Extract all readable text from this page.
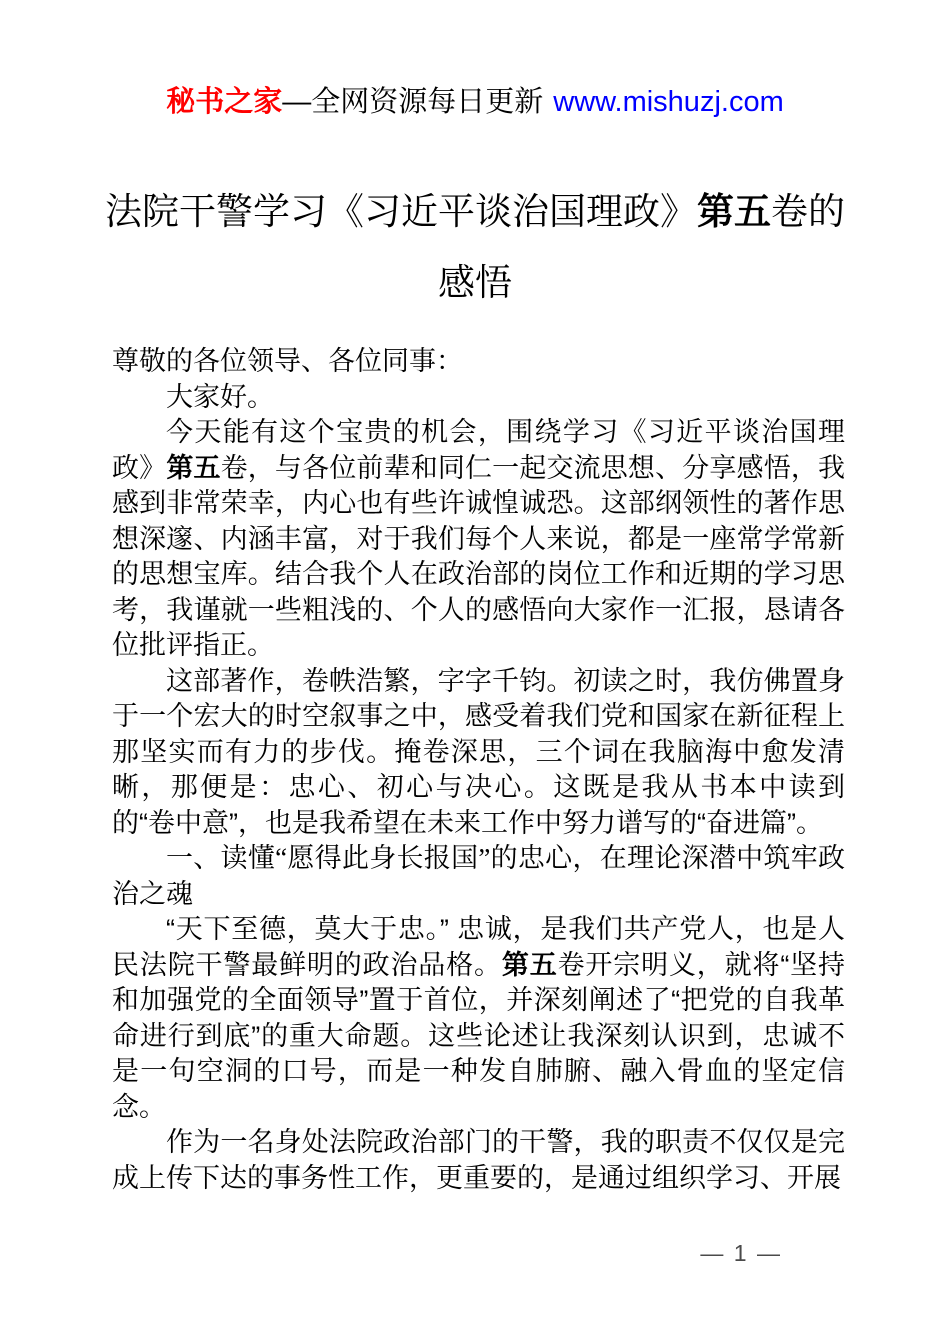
秘书之家—全网资源每日更新 www.mishuzj.com
法院干警学习《习近平谈治国理政》第五卷的感悟

尊敬的各位领导、各位同事：

大家好。

今天能有这个宝贵的机会，围绕学习《习近平谈治国理政》第五卷，与各位前辈和同仁一起交流思想、分享感悟，我感到非常荣幸，内心也有些许诚惶诚恐。这部纲领性的著作思想深邃、内涵丰富，对于我们每个人来说，都是一座常学常新的思想宝库。结合我个人在政治部的岗位工作和近期的学习思考，我谨就一些粗浅的、个人的感悟向大家作一汇报，恳请各位批评指正。

这部著作，卷帙浩繁，字字千钧。初读之时，我仿佛置身于一个宏大的时空叙事之中，感受着我们党和国家在新征程上那坚实而有力的步伐。掩卷深思，三个词在我脑海中愈发清晰，那便是：忠心、初心与决心。这既是我从书本中读到的“卷中意”，也是我希望在未来工作中努力谱写的“奋进篇”。

一、读懂“愿得此身长报国”的忠心，在理论深潜中筑牢政治之魂

“天下至德，莫大于忠。” 忠诚，是我们共产党人，也是人民法院干警最鲜明的政治品格。第五卷开宗明义，就将“坚持和加强党的全面领导”置于首位，并深刻阐述了“把党的自我革命进行到底”的重大命题。这些论述让我深刻认识到，忠诚不是一句空洞的口号，而是一种发自肺腑、融入骨血的坚定信念。

作为一名身处法院政治部门的干警，我的职责不仅仅是完成上传下达的事务性工作，更重要的，是通过组织学习、开展

— 1 —
